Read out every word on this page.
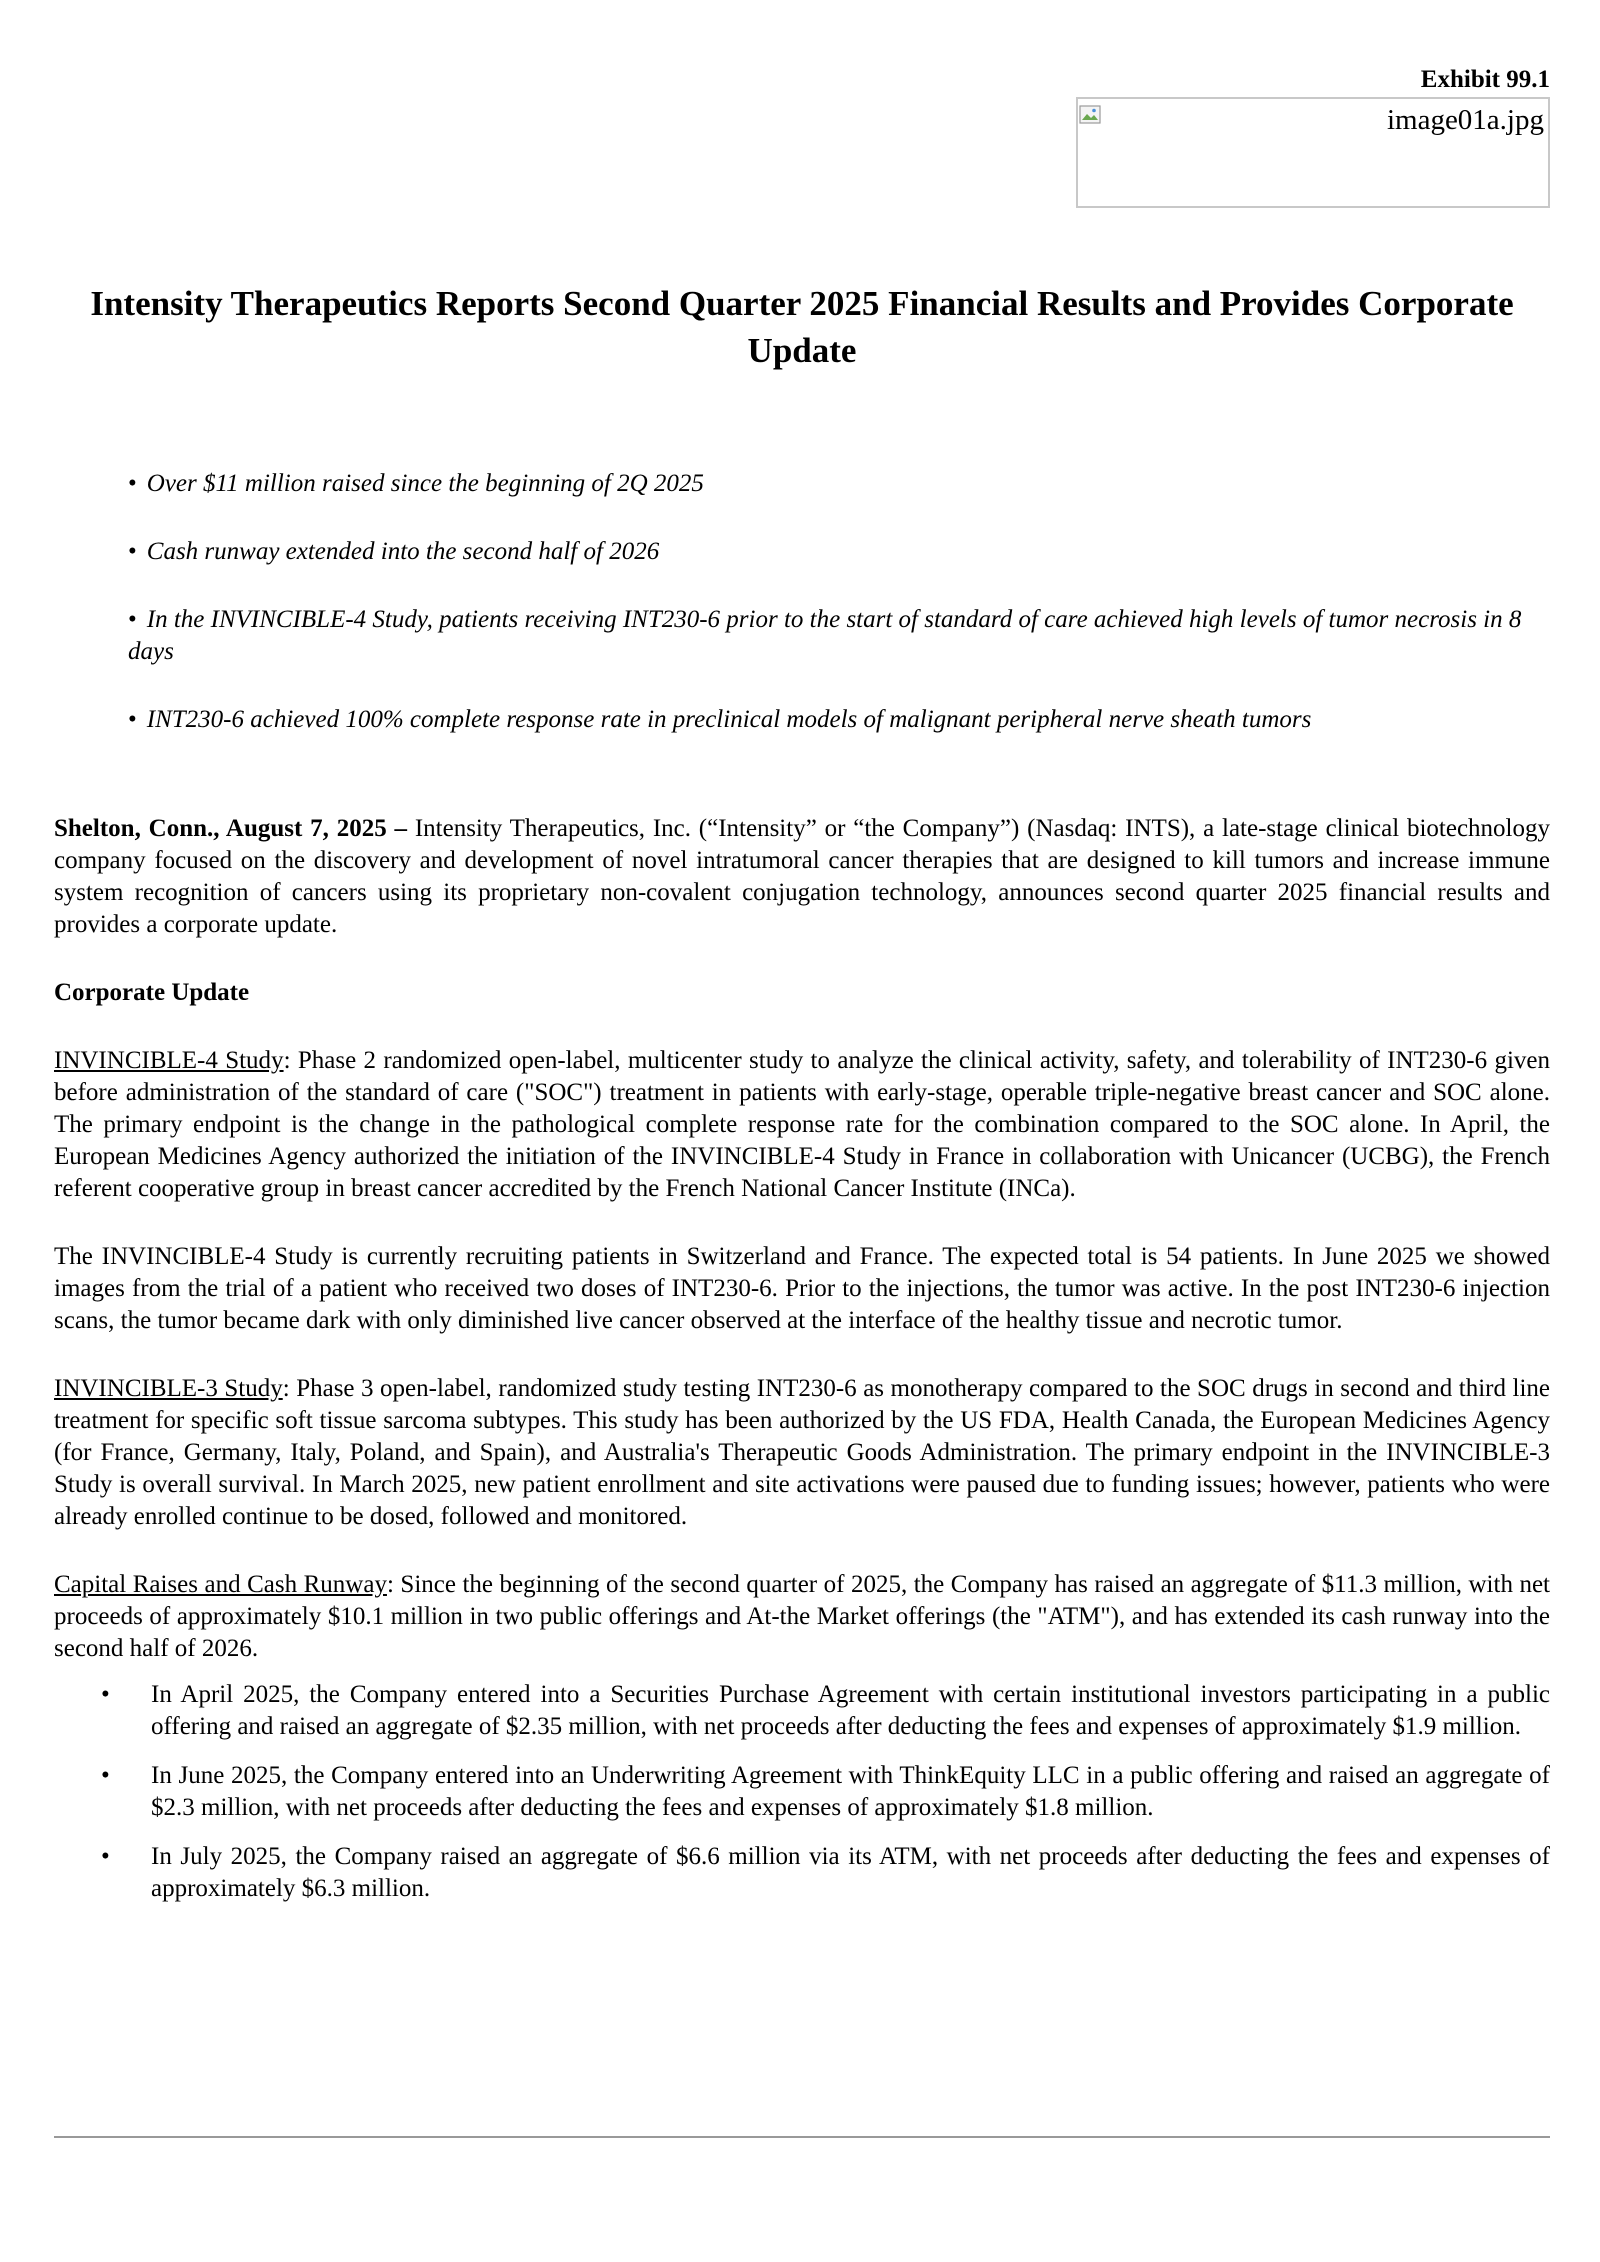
Exhibit 99.1
image01a.jpg
Intensity Therapeutics Reports Second Quarter 2025 Financial Results and Provides Corporate Update
• Over $11 million raised since the beginning of 2Q 2025
• Cash runway extended into the second half of 2026
• In the INVINCIBLE-4 Study, patients receiving INT230-6 prior to the start of standard of care achieved high levels of tumor necrosis in 8 days
• INT230-6 achieved 100% complete response rate in preclinical models of malignant peripheral nerve sheath tumors

Shelton, Conn., August 7, 2025 – Intensity Therapeutics, Inc. (“Intensity” or “the Company”) (Nasdaq: INTS), a late-stage clinical biotechnology company focused on the discovery and development of novel intratumoral cancer therapies that are designed to kill tumors and increase immune system recognition of cancers using its proprietary non-covalent conjugation technology, announces second quarter 2025 financial results and provides a corporate update.

Corporate Update

INVINCIBLE-4 Study: Phase 2 randomized open-label, multicenter study to analyze the clinical activity, safety, and tolerability of INT230-6 given before administration of the standard of care ("SOC") treatment in patients with early-stage, operable triple-negative breast cancer and SOC alone. The primary endpoint is the change in the pathological complete response rate for the combination compared to the SOC alone. In April, the European Medicines Agency authorized the initiation of the INVINCIBLE-4 Study in France in collaboration with Unicancer (UCBG), the French referent cooperative group in breast cancer accredited by the French National Cancer Institute (INCa).

The INVINCIBLE-4 Study is currently recruiting patients in Switzerland and France. The expected total is 54 patients. In June 2025 we showed images from the trial of a patient who received two doses of INT230-6. Prior to the injections, the tumor was active. In the post INT230-6 injection scans, the tumor became dark with only diminished live cancer observed at the interface of the healthy tissue and necrotic tumor.

INVINCIBLE-3 Study: Phase 3 open-label, randomized study testing INT230-6 as monotherapy compared to the SOC drugs in second and third line treatment for specific soft tissue sarcoma subtypes. This study has been authorized by the US FDA, Health Canada, the European Medicines Agency (for France, Germany, Italy, Poland, and Spain), and Australia's Therapeutic Goods Administration. The primary endpoint in the INVINCIBLE-3 Study is overall survival. In March 2025, new patient enrollment and site activations were paused due to funding issues; however, patients who were already enrolled continue to be dosed, followed and monitored.

Capital Raises and Cash Runway: Since the beginning of the second quarter of 2025, the Company has raised an aggregate of $11.3 million, with net proceeds of approximately $10.1 million in two public offerings and At-the Market offerings (the "ATM"), and has extended its cash runway into the second half of 2026.

• In April 2025, the Company entered into a Securities Purchase Agreement with certain institutional investors participating in a public offering and raised an aggregate of $2.35 million, with net proceeds after deducting the fees and expenses of approximately $1.9 million.
• In June 2025, the Company entered into an Underwriting Agreement with ThinkEquity LLC in a public offering and raised an aggregate of $2.3 million, with net proceeds after deducting the fees and expenses of approximately $1.8 million.
• In July 2025, the Company raised an aggregate of $6.6 million via its ATM, with net proceeds after deducting the fees and expenses of approximately $6.3 million.
